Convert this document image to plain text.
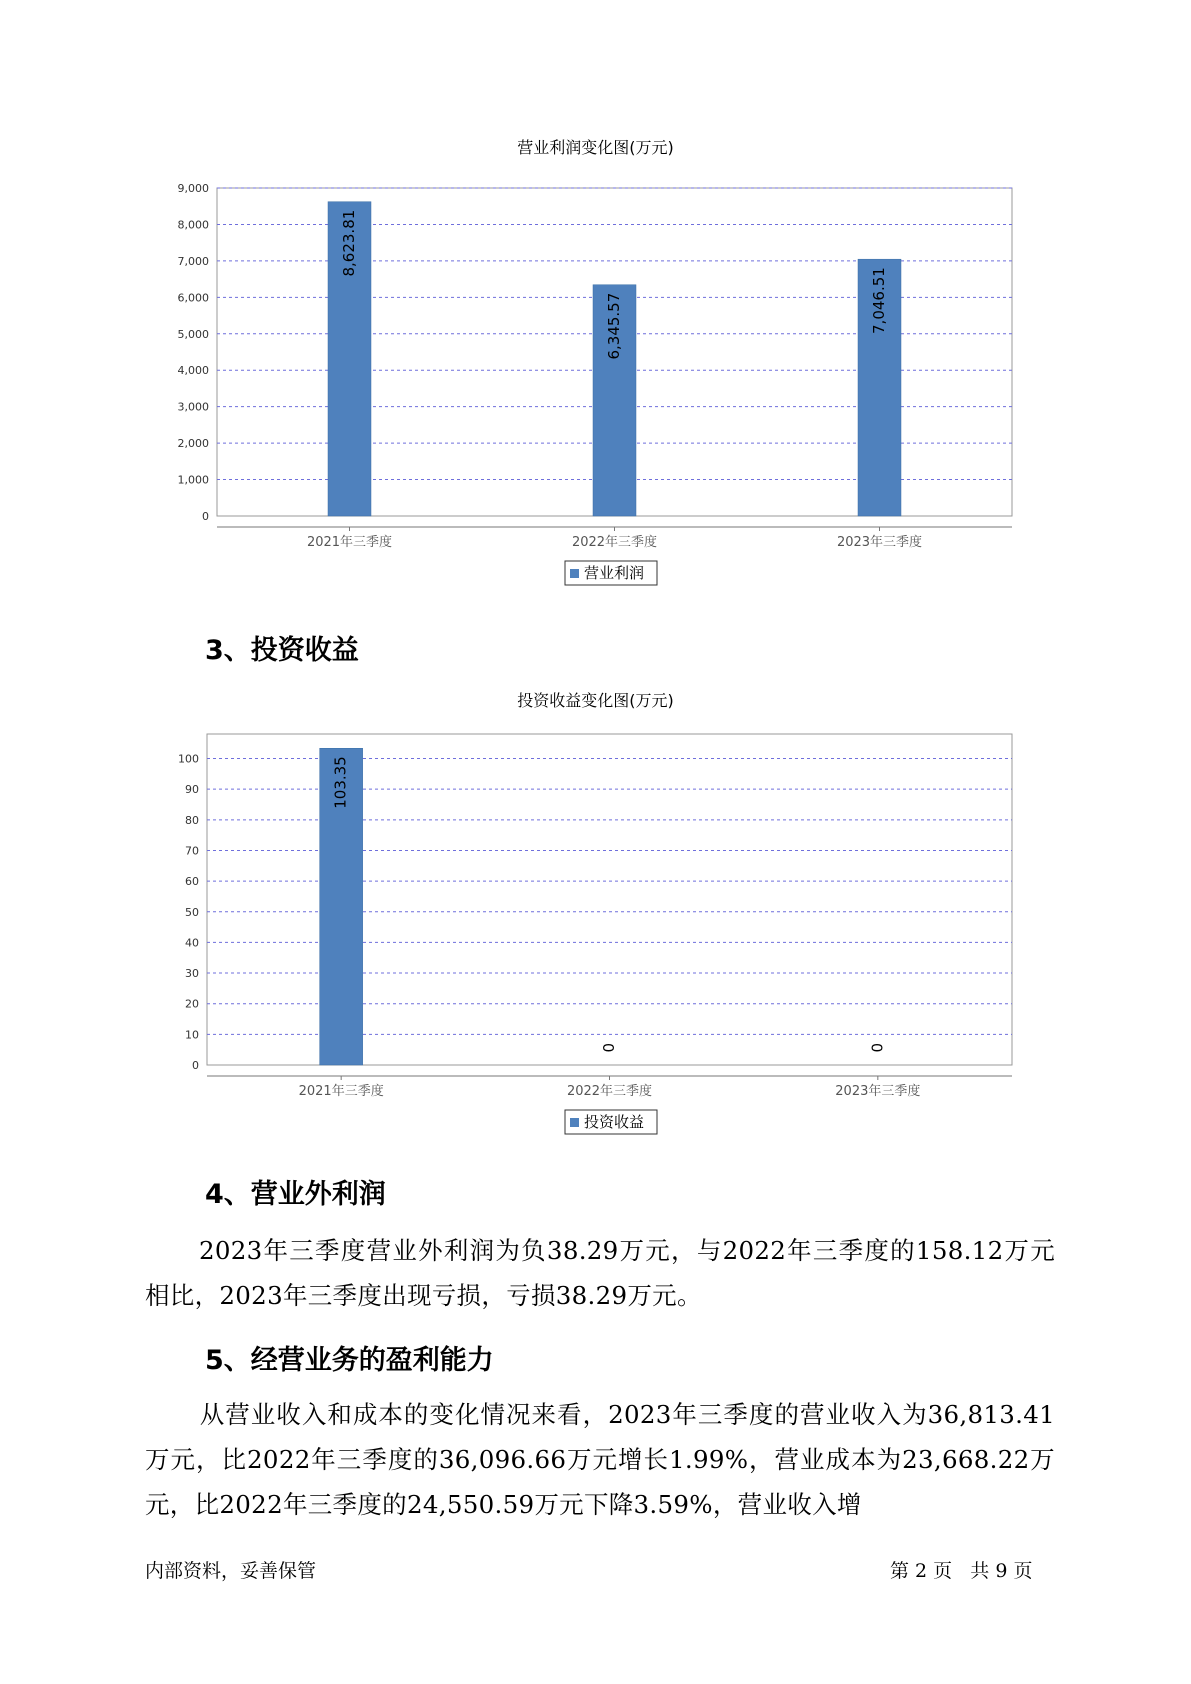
营业利润变化图(万元)
0
1,000
2,000
3,000
4,000
5,000
6,000
7,000
8,000
9,000
8,623.81
2021年三季度
6,345.57
2022年三季度
7,046.51
2023年三季度
营业利润
3、投资收益
投资收益变化图(万元)
0
10
20
30
40
50
60
70
80
90
100	103.35
2021年三季度
0
2022年三季度
0
2023年三季度
投资收益
4、营业外利润
2023年三季度营业外利润为负38.29万元，与2022年三季度的158.12万元相比，2023年三季度出现亏损，亏损38.29万元。
5、经营业务的盈利能力
从营业收入和成本的变化情况来看，2023年三季度的营业收入为36,813.41万元，比2022年三季度的36,096.66万元增长1.99%，营业成本为23,668.22万元，比2022年三季度的24,550.59万元下降3.59%，营业收入增
内部资料，妥善保管	第 2 页   共 9 页
